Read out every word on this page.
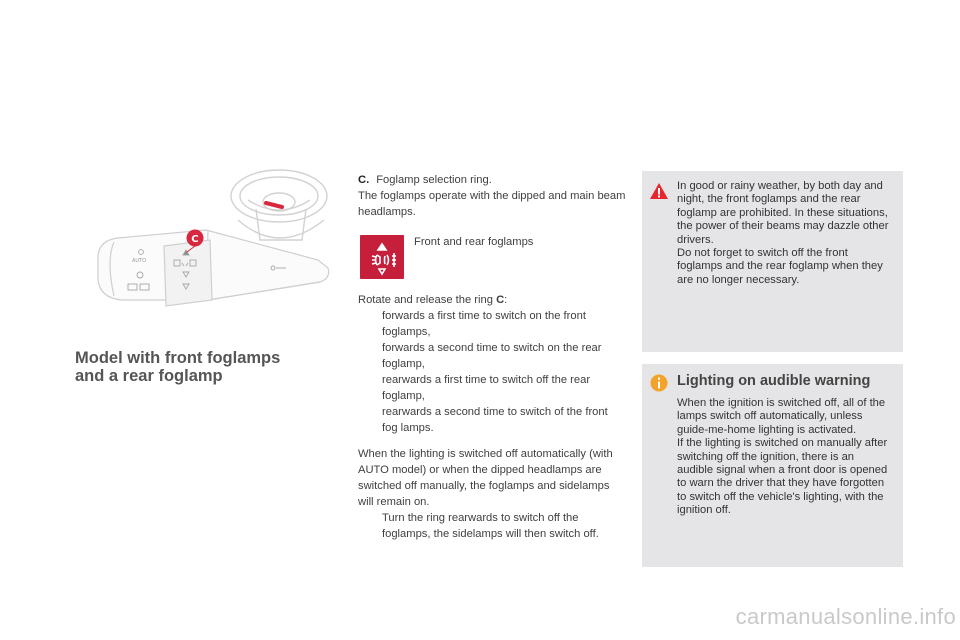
AUTO
C
Model with front foglamps
and a rear foglamp
C. Foglamp selection ring.
The foglamps operate with the dipped and main beam headlamps.
Front and rear foglamps
Rotate and release the ring C:
forwards a first time to switch on the front foglamps,
forwards a second time to switch on the rear foglamp,
rearwards a first time to switch off the rear foglamp,
rearwards a second time to switch of the front fog lamps.
When the lighting is switched off automatically (with AUTO model) or when the dipped headlamps are switched off manually, the foglamps and sidelamps will remain on.
Turn the ring rearwards to switch off the foglamps, the sidelamps will then switch off.
In good or rainy weather, by both day and night, the front foglamps and the rear foglamp are prohibited. In these situations, the power of their beams may dazzle other drivers.
Do not forget to switch off the front foglamps and the rear foglamp when they are no longer necessary.
Lighting on audible warning
When the ignition is switched off, all of the lamps switch off automatically, unless guide-me-home lighting is activated.
If the lighting is switched on manually after switching off the ignition, there is an audible signal when a front door is opened to warn the driver that they have forgotten to switch off the vehicle's lighting, with the ignition off.
carmanualsonline.info
